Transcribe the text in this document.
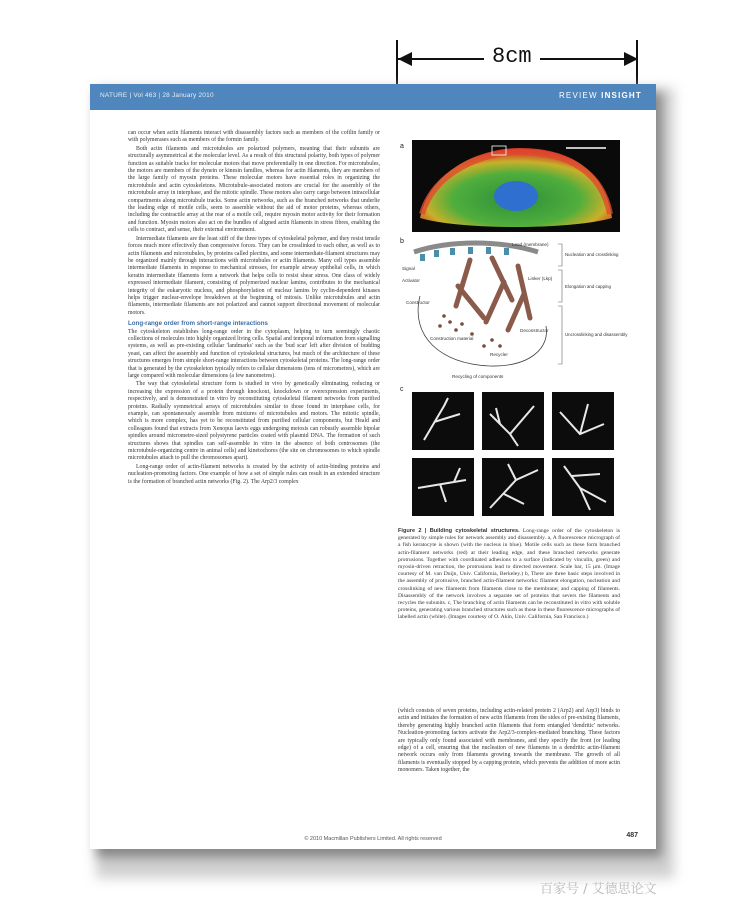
8cm
NATURE | Vol 463 | 28 January 2010	REVIEW INSIGHT

can occur when actin filaments interact with disassembly factors such as members of the cofilin family or with polymerases such as members of the formin family.

Both actin filaments and microtubules are polarized polymers, meaning that their subunits are structurally asymmetrical at the molecular level. As a result of this structural polarity, both types of polymer function as suitable tracks for molecular motors that move preferentially in one direction. For microtubules, the motors are members of the dynein or kinesin families, whereas for actin filaments, they are members of the large family of myosin proteins. These molecular motors have essential roles in organizing the microtubule and actin cytoskeletons. Microtubule-associated motors are crucial for the assembly of the microtubule array in interphase, and the mitotic spindle. These motors also carry cargo between intracellular compartments along microtubule tracks. Some actin networks, such as the branched networks that underlie the leading edge of motile cells, seem to assemble without the aid of motor proteins, whereas others, including the contractile array at the rear of a motile cell, require myosin motor activity for their formation and function. Myosin motors also act on the bundles of aligned actin filaments in stress fibres, enabling the cells to contract, and sense, their external environment.

Intermediate filaments are the least stiff of the three types of cytoskeletal polymer, and they resist tensile forces much more effectively than compressive forces. They can be crosslinked to each other, as well as to actin filaments and microtubules, by proteins called plectins, and some intermediate-filament structures may be organized mainly through interactions with microtubules or actin filaments. Many cell types assemble intermediate filaments in response to mechanical stresses, for example airway epithelial cells, in which keratin intermediate filaments form a network that helps cells to resist shear stress. One class of widely expressed intermediate filament, consisting of polymerized nuclear lamins, contributes to the mechanical integrity of the eukaryotic nucleus, and phosphorylation of nuclear lamins by cyclin-dependent kinases helps trigger nuclear-envelope breakdown at the beginning of mitosis. Unlike microtubules and actin filaments, intermediate filaments are not polarized and cannot support directional movement of molecular motors.

Long-range order from short-range interactions

The cytoskeleton establishes long-range order in the cytoplasm, helping to turn seemingly chaotic collections of molecules into highly organized living cells. Spatial and temporal information from signalling systems, as well as pre-existing cellular 'landmarks' such as the 'bud scar' left after division of budding yeast, can affect the assembly and function of cytoskeletal structures, but much of the architecture of these structures emerges from simple short-range interactions between cytoskeletal proteins. The long-range order that is generated by the cytoskeleton typically refers to cellular dimensions (tens of micrometres), which are large compared with molecular dimensions (a few nanometres).

The way that cytoskeletal structure form is studied in vivo by genetically eliminating, reducing or increasing the expression of a protein through knockout, knockdown or overexpression experiments, respectively, and is demonstrated in vitro by reconstituting cytoskeletal filament networks from purified proteins. Radially symmetrical arrays of microtubules similar to those found in interphase cells, for example, can spontaneously assemble from mixtures of microtubules and motors. The mitotic spindle, which is more complex, has yet to be reconstituted from purified cellular components, but Heald and colleagues found that extracts from Xenopus laevis eggs undergoing meiosis can robustly assemble bipolar spindles around micrometre-sized polystyrene particles coated with plasmid DNA. The formation of such structures shows that spindles can self-assemble in vitro in the absence of both centrosomes (the microtubule-organizing centre in animal cells) and kinetochores (the site on chromosomes to which spindle microtubules attach to pull the chromosomes apart).

Long-range order of actin-filament networks is created by the activity of actin-binding proteins and nucleation-promoting factors. One example of how a set of simple rules can result in an extended structure is the formation of branched actin networks (Fig. 2). The Arp2/3 complex

a
b	Load (membrane)
Signal
Activator	Linker (Lkp)
Constructor
Construction material
Deconstructor
Recycler
Recycling of components
Nucleation and crosslinking
Elongation and capping
Uncrosslinking and disassembly
c
Figure 2 | Building cytoskeletal structures. Long-range order of the cytoskeleton is generated by simple rules for network assembly and disassembly. a, A fluorescence micrograph of a fish keratocyte is shown (with the nucleus in blue). Motile cells such as these form branched actin-filament networks (red) at their leading edge, and these branched networks generate protrusions. Together with coordinated adhesions to a surface (indicated by vinculin, green) and myosin-driven retraction, the protrusions lead to directed movement. Scale bar, 15 µm. (Image courtesy of M. van Duijn, Univ. California, Berkeley.) b, There are three basic steps involved in the assembly of protrusive, branched actin-filament networks: filament elongation, nucleation and crosslinking of new filaments from filaments close to the membrane; and capping of filaments. Disassembly of the network involves a separate set of proteins that severs the filaments and recycles the subunits. c, The branching of actin filaments can be reconstituted in vitro with soluble proteins, generating various branched structures such as those in these fluorescence micrographs of labelled actin (white). (Images courtesy of O. Akin, Univ. California, San Francisco.)

(which consists of seven proteins, including actin-related protein 2 (Arp2) and Arp3) binds to actin and initiates the formation of new actin filaments from the sides of pre-existing filaments, thereby generating highly branched actin filaments that form entangled 'dendritic' networks. Nucleation-promoting factors activate the Arp2/3-complex-mediated branching. These factors are typically only found associated with membranes, and they specify the front (or leading edge) of a cell, ensuring that the nucleation of new filaments in a dendritic actin-filament network occurs only from filaments growing towards the membrane. The growth of all filaments is eventually stopped by a capping protein, which prevents the addition of more actin monomers. Taken together, the

© 2010 Macmillan Publishers Limited. All rights reserved	487
百家号 / 艾德思论文
